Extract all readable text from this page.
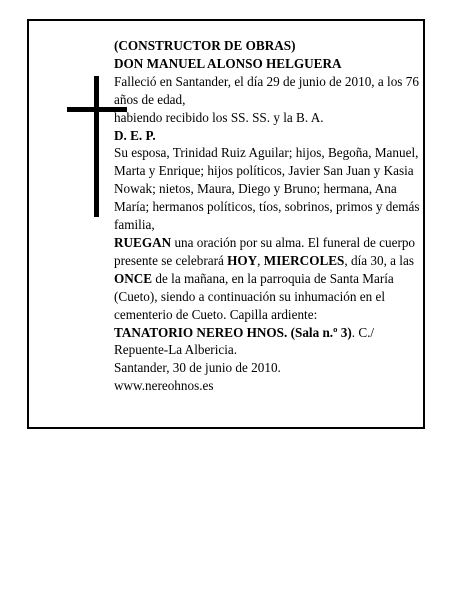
(CONSTRUCTOR DE OBRAS)
DON MANUEL ALONSO HELGUERA
Falleció en Santander, el día 29 de junio de 2010, a los 76 años de edad,
habiendo recibido los SS. SS. y la B. A.
D. E. P.
Su esposa, Trinidad Ruiz Aguilar; hijos, Begoña, Manuel, Marta y Enrique; hijos políticos, Javier San Juan y Kasia Nowak; nietos, Maura, Diego y Bruno; hermana, Ana María; hermanos políticos, tíos, sobrinos, primos y demás familia,
RUEGAN una oración por su alma. El funeral de cuerpo presente se celebrará HOY, MIERCOLES, día 30, a las ONCE de la mañana, en la parroquia de Santa María (Cueto), siendo a continuación su inhumación en el cementerio de Cueto. Capilla ardiente:
TANATORIO NEREO HNOS. (Sala n.º 3). C./ Repuente-La Albericia.
Santander, 30 de junio de 2010.
www.nereohnos.es
